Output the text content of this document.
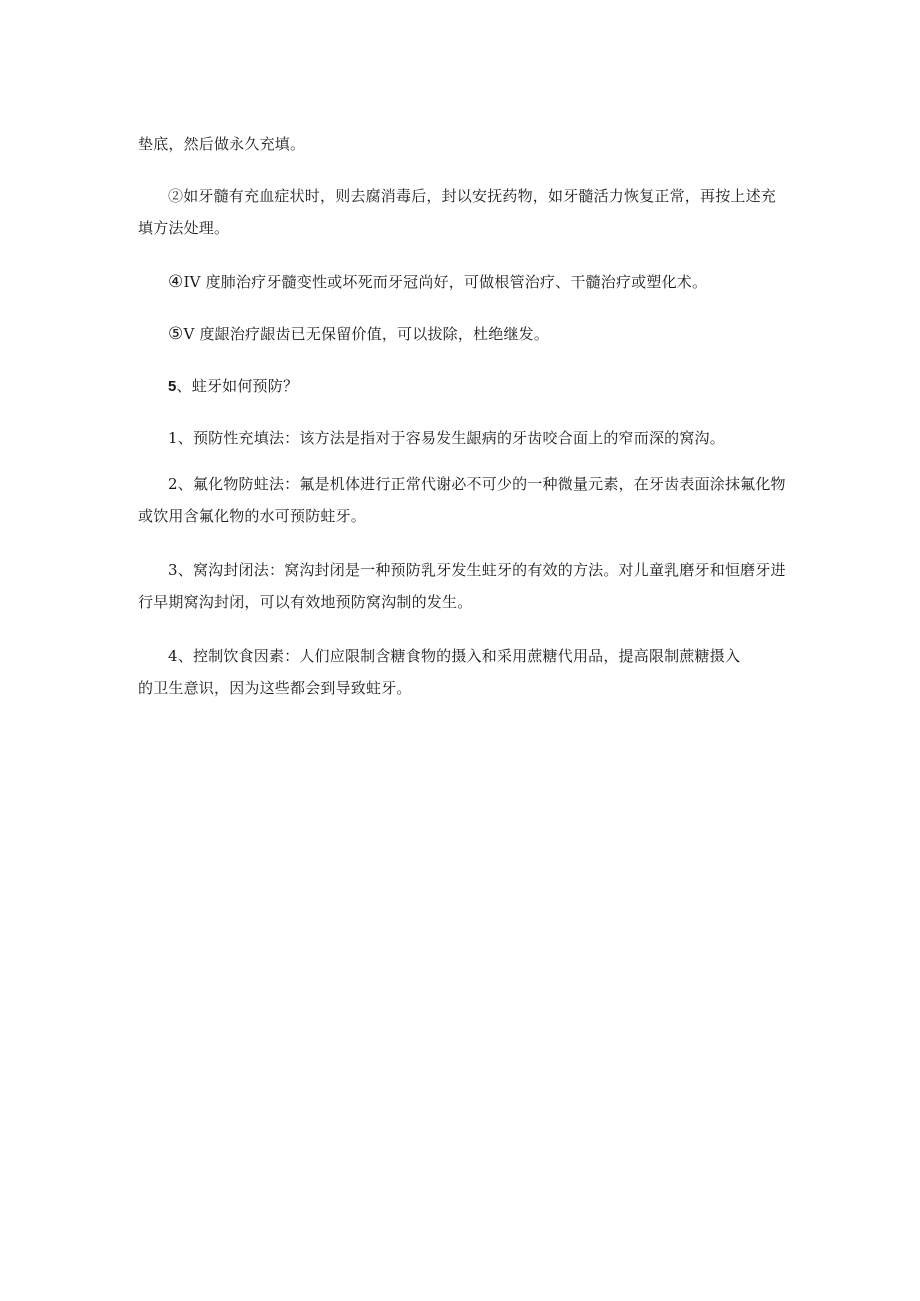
垫底，然后做永久充填。

②如牙髓有充血症状时，则去腐消毒后，封以安抚药物，如牙髓活力恢复正常，再按上述充填方法处理。

④IV 度肺治疗牙髓变性或坏死而牙冠尚好，可做根管治疗、干髓治疗或塑化术。

⑤V 度龈治疗龈齿已无保留价值，可以拔除，杜绝继发。

5、蛀牙如何预防？

1、预防性充填法：该方法是指对于容易发生龈病的牙齿咬合面上的窄而深的窝沟。

2、氟化物防蛀法：氟是机体进行正常代谢必不可少的一种微量元素，在牙齿表面涂抹氟化物或饮用含氟化物的水可预防蛀牙。

3、窝沟封闭法：窝沟封闭是一种预防乳牙发生蛀牙的有效的方法。对儿童乳磨牙和恒磨牙进行早期窝沟封闭，可以有效地预防窝沟制的发生。

4、控制饮食因素：人们应限制含糖食物的摄入和采用蔗糖代用品，提高限制蔗糖摄入

的卫生意识，因为这些都会到导致蛀牙。
